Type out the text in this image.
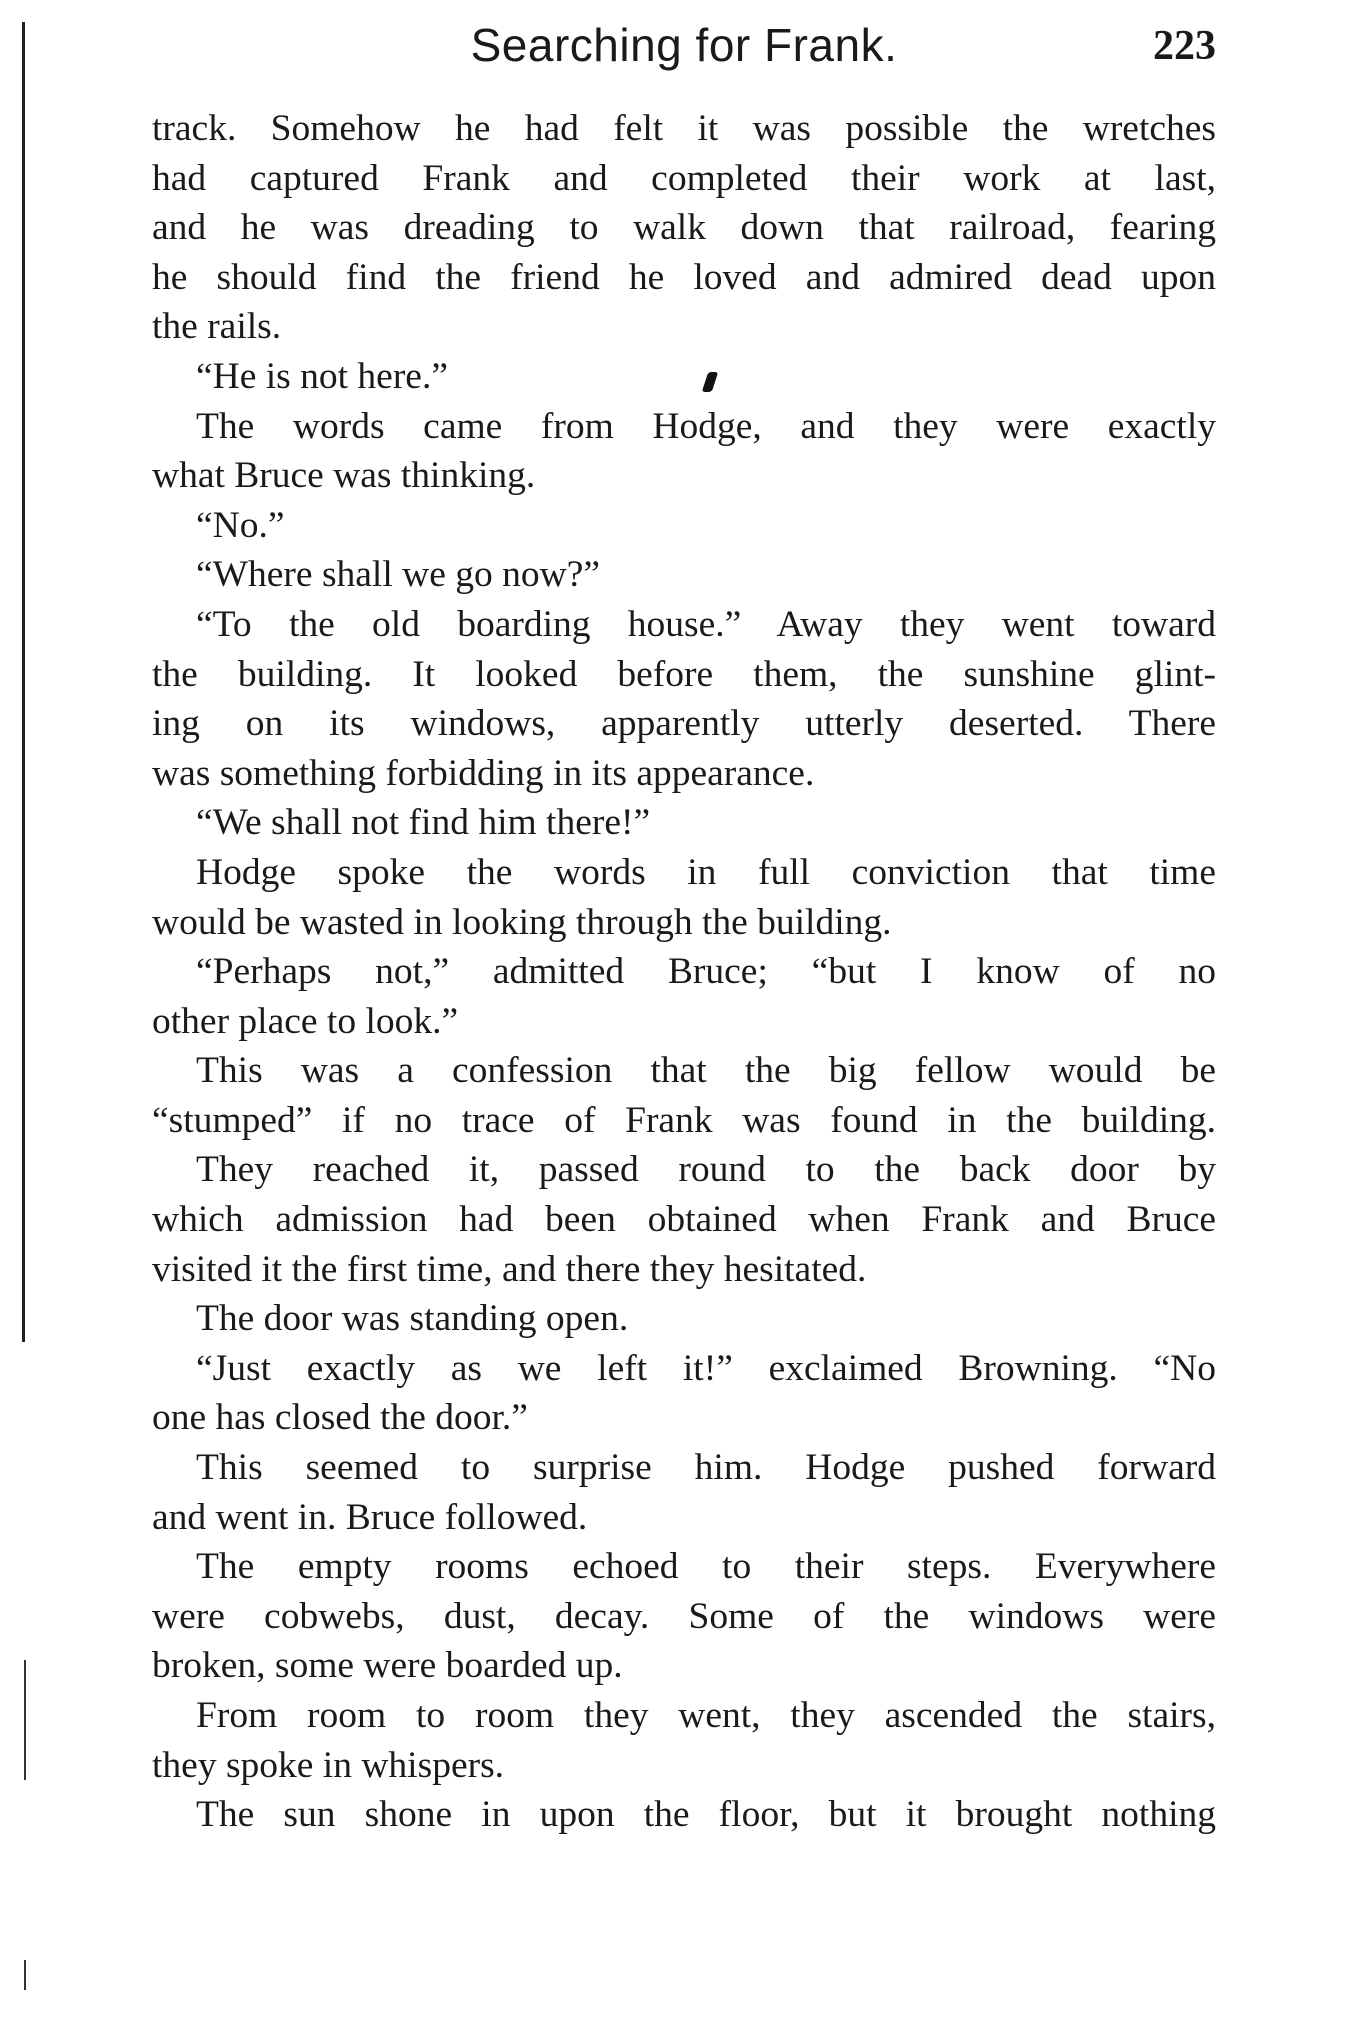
Searching for Frank.	223
track. Somehow he had felt it was possible the wretches
had captured Frank and completed their work at last,
and he was dreading to walk down that railroad, fearing
he should find the friend he loved and admired dead upon
the rails.
“He is not here.”
The words came from Hodge, and they were exactly
what Bruce was thinking.
“No.”
“Where shall we go now?”
“To the old boarding house.” Away they went toward
the building. It looked before them, the sunshine glint-
ing on its windows, apparently utterly deserted. There
was something forbidding in its appearance.
“We shall not find him there!”
Hodge spoke the words in full conviction that time
would be wasted in looking through the building.
“Perhaps not,” admitted Bruce; “but I know of no
other place to look.”
This was a confession that the big fellow would be
“stumped” if no trace of Frank was found in the building.
They reached it, passed round to the back door by
which admission had been obtained when Frank and Bruce
visited it the first time, and there they hesitated.
The door was standing open.
“Just exactly as we left it!” exclaimed Browning. “No
one has closed the door.”
This seemed to surprise him. Hodge pushed forward
and went in. Bruce followed.
The empty rooms echoed to their steps. Everywhere
were cobwebs, dust, decay. Some of the windows were
broken, some were boarded up.
From room to room they went, they ascended the stairs,
they spoke in whispers.
The sun shone in upon the floor, but it brought nothing
